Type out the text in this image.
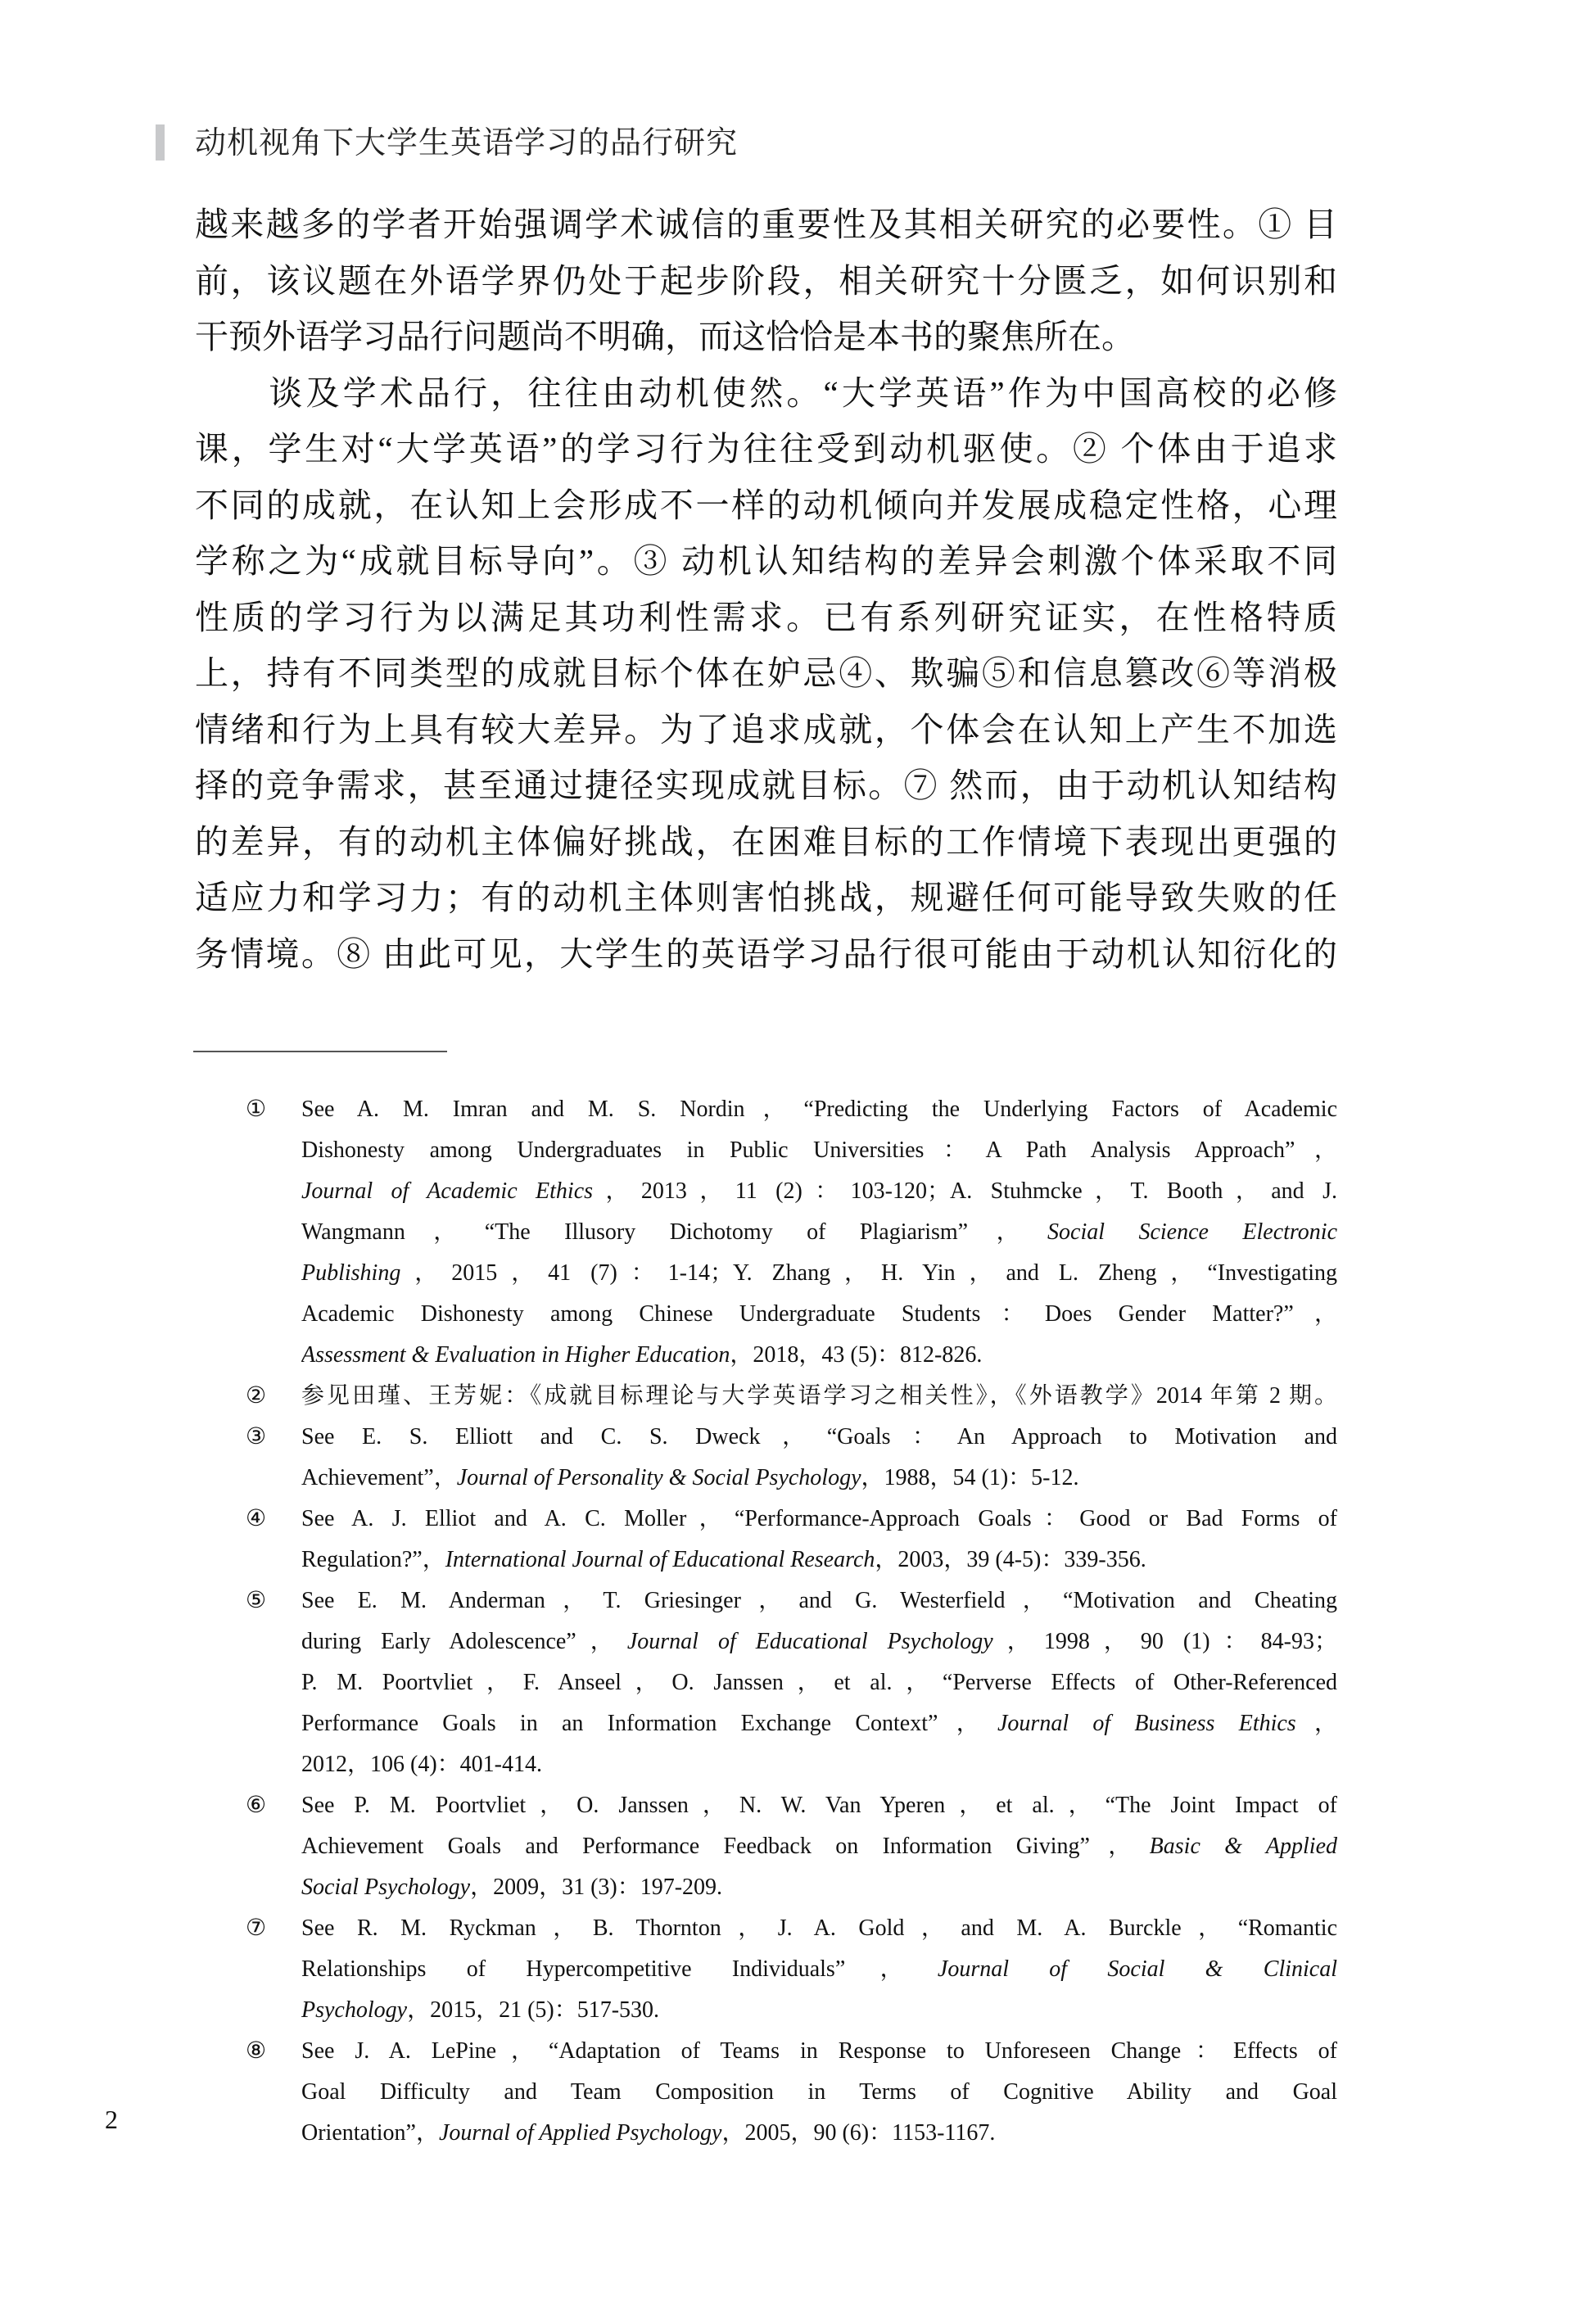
动机视角下大学生英语学习的品行研究
越来越多的学者开始强调学术诚信的重要性及其相关研究的必要性。① 目
前，该议题在外语学界仍处于起步阶段，相关研究十分匮乏，如何识别和
干预外语学习品行问题尚不明确，而这恰恰是本书的聚焦所在。
　　谈及学术品行，往往由动机使然。“大学英语”作为中国高校的必修
课，学生对“大学英语”的学习行为往往受到动机驱使。② 个体由于追求
不同的成就，在认知上会形成不一样的动机倾向并发展成稳定性格，心理
学称之为“成就目标导向”。③ 动机认知结构的差异会刺激个体采取不同
性质的学习行为以满足其功利性需求。已有系列研究证实，在性格特质
上，持有不同类型的成就目标个体在妒忌④、欺骗⑤和信息篡改⑥等消极
情绪和行为上具有较大差异。为了追求成就，个体会在认知上产生不加选
择的竞争需求，甚至通过捷径实现成就目标。⑦ 然而，由于动机认知结构
的差异，有的动机主体偏好挑战，在困难目标的工作情境下表现出更强的
适应力和学习力；有的动机主体则害怕挑战，规避任何可能导致失败的任
务情境。⑧ 由此可见，大学生的英语学习品行很可能由于动机认知衍化的
① See A. M. Imran and M. S. Nordin，“Predicting the Underlying Factors of Academic
Dishonesty among Undergraduates in Public Universities：A Path Analysis Approach”，
Journal of Academic Ethics，2013，11 (2)：103-120；A. Stuhmcke，T. Booth，and J.
Wangmann，“The Illusory Dichotomy of Plagiarism”，Social Science Electronic
Publishing，2015，41 (7)：1-14；Y. Zhang，H. Yin，and L. Zheng，“Investigating
Academic Dishonesty among Chinese Undergraduate Students：Does Gender Matter?”，
Assessment & Evaluation in Higher Education，2018，43 (5)：812-826.
② 参见田瑾、王芳妮：《成就目标理论与大学英语学习之相关性》，《外语教学》2014 年第 2 期。
③ See E. S. Elliott and C. S. Dweck，“Goals：An Approach to Motivation and
Achievement”，Journal of Personality & Social Psychology，1988，54 (1)：5-12.
④ See A. J. Elliot and A. C. Moller，“Performance-Approach Goals：Good or Bad Forms of
Regulation?”，International Journal of Educational Research，2003，39 (4-5)：339-356.
⑤ See E. M. Anderman，T. Griesinger，and G. Westerfield，“Motivation and Cheating
during Early Adolescence”，Journal of Educational Psychology，1998，90 (1)：84-93；
P. M. Poortvliet，F. Anseel，O. Janssen，et al.，“Perverse Effects of Other-Referenced
Performance Goals in an Information Exchange Context”，Journal of Business Ethics，
2012，106 (4)：401-414.
⑥ See P. M. Poortvliet，O. Janssen，N. W. Van Yperen，et al.，“The Joint Impact of
Achievement Goals and Performance Feedback on Information Giving”，Basic & Applied
Social Psychology，2009，31 (3)：197-209.
⑦ See R. M. Ryckman，B. Thornton，J. A. Gold，and M. A. Burckle，“Romantic
Relationships of Hypercompetitive Individuals”，Journal of Social & Clinical
Psychology，2015，21 (5)：517-530.
⑧ See J. A. LePine，“Adaptation of Teams in Response to Unforeseen Change：Effects of
Goal Difficulty and Team Composition in Terms of Cognitive Ability and Goal
Orientation”，Journal of Applied Psychology，2005，90 (6)：1153-1167.
2
